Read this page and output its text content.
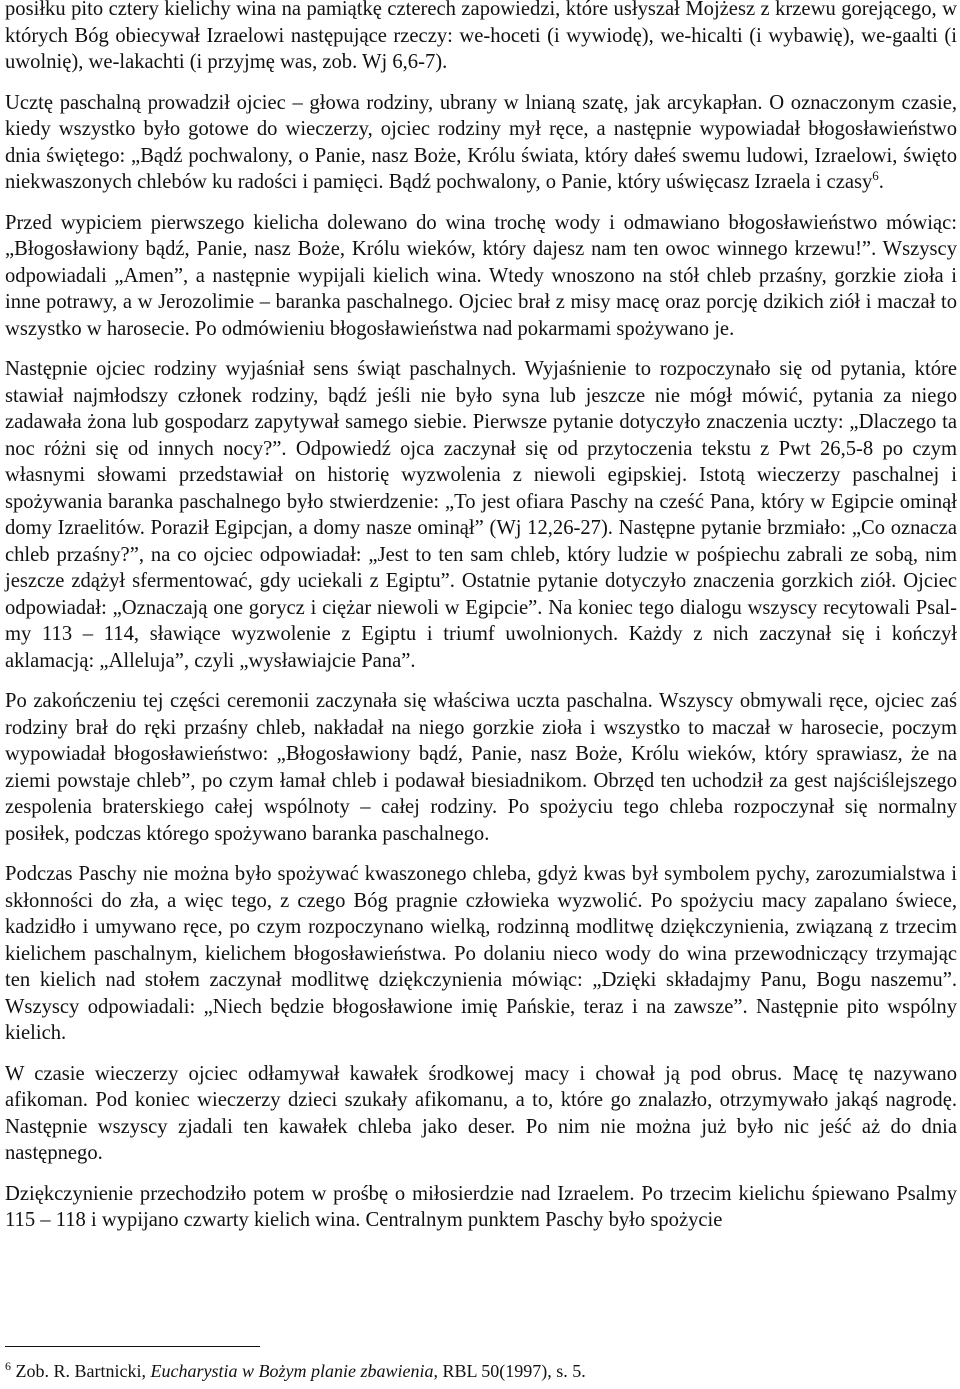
posiłku pito cztery kielichy wina na pamiątkę czterech zapowiedzi, które usłyszał Mojżesz z krzewu gorejącego, w których Bóg obiecywał Izraelowi następujące rzeczy: we-hoceti (i wywiodę), we-hicalti (i wybawię), we-gaalti (i uwolnię), we-lakachti (i przyjmę was, zob. Wj 6,6-7).

Ucztę paschalną prowadził ojciec – głowa rodziny, ubrany w lnianą szatę, jak arcykapłan. O oznaczonym czasie, kiedy wszystko było gotowe do wieczerzy, ojciec rodziny mył ręce, a następnie wypowiadał błogosławieństwo dnia świętego: „Bądź pochwalony, o Panie, nasz Boże, Królu świata, który dałeś swemu ludowi, Izraelowi, święto niekwaszonych chlebów ku radości i pamięci. Bądź pochwalony, o Panie, który uświęcasz Izraela i czasy$^6$.

Przed wypiciem pierwszego kielicha dolewano do wina trochę wody i odmawiano błogosławieństwo mówiąc: „Błogosławiony bądź, Panie, nasz Boże, Królu wieków, który dajesz nam ten owoc winnego krzewu!”. Wszyscy odpowiadali „Amen”, a następnie wypijali kielich wina. Wtedy wnoszono na stół chleb przaśny, gorzkie zioła i inne potrawy, a w Jerozolimie – baranka paschalnego. Ojciec brał z misy macę oraz porcję dzikich ziół i maczał to wszystko w harosecie. Po odmówieniu błogosławieństwa nad pokarmami spożywano je.

Następnie ojciec rodziny wyjaśniał sens świąt paschalnych. Wyjaśnienie to rozpoczynało się od pytania, które stawiał najmłodszy członek rodziny, bądź jeśli nie było syna lub jeszcze nie mógł mówić, pytania za niego zadawała żona lub gospodarz zapytywał samego siebie. Pierwsze pytanie dotyczyło znaczenia uczty: „Dlaczego ta noc różni się od innych nocy?”. Odpowiedź ojca zaczynał się od przytoczenia tekstu z Pwt 26,5-8 po czym własnymi słowami przedstawiał on historię wyzwolenia z niewoli egipskiej. Istotą wieczerzy paschalnej i spożywania baranka paschalnego było stwierdzenie: „To jest ofiara Paschy na cześć Pana, który w Egipcie ominął domy Izraelitów. Poraził Egipcjan, a domy nasze ominął” (Wj 12,26-27). Następne pytanie brzmiało: „Co oznacza chleb przaśny?”, na co ojciec odpowiadał: „Jest to ten sam chleb, który ludzie w pośpiechu zabrali ze sobą, nim jeszcze zdążył sfermentować, gdy uciekali z Egiptu”. Ostatnie pytanie dotyczyło znaczenia gorzkich ziół. Ojciec odpowiadał: „Oznaczają one gorycz i ciężar niewoli w Egipcie”. Na koniec tego dialogu wszyscy recytowali Psalmy 113 – 114, sławiące wyzwolenie z Egiptu i triumf uwolnionych. Każdy z nich zaczynał się i kończył aklamacją: „Alleluja”, czyli „wysławiajcie Pana”.

Po zakończeniu tej części ceremonii zaczynała się właściwa uczta paschalna. Wszyscy obmywali ręce, ojciec zaś rodziny brał do ręki przaśny chleb, nakładał na niego gorzkie zioła i wszystko to maczał w harosecie, poczym wypowiadał błogosławieństwo: „Błogosławiony bądź, Panie, nasz Boże, Królu wieków, który sprawiasz, że na ziemi powstaje chleb”, po czym łamał chleb i podawał biesiadnikom. Obrzęd ten uchodził za gest najściślejszego zespolenia braterskiego całej wspólnoty – całej rodziny. Po spożyciu tego chleba rozpoczynał się normalny posiłek, podczas którego spożywano baranka paschalnego.

Podczas Paschy nie można było spożywać kwaszonego chleba, gdyż kwas był symbolem pychy, zarozumialstwa i skłonności do zła, a więc tego, z czego Bóg pragnie człowieka wyzwolić. Po spożyciu macy zapalano świece, kadzidło i umywano ręce, po czym rozpoczynano wielką, rodzinną modlitwę dziękczynienia, związaną z trzecim kielichem paschalnym, kielichem błogosławieństwa. Po dolaniu nieco wody do wina przewodniczący trzymając ten kielich nad stołem zaczynał modlitwę dziękczynienia mówiąc: „Dzięki składajmy Panu, Bogu naszemu”. Wszyscy odpowiadali: „Niech będzie błogosławione imię Pańskie, teraz i na zawsze”. Następnie pito wspólny kielich.

W czasie wieczerzy ojciec odłamywał kawałek środkowej macy i chował ją pod obrus. Macę tę nazywano afikoman. Pod koniec wieczerzy dzieci szukały afikomanu, a to, które go znalazło, otrzymywało jakąś nagrodę. Następnie wszyscy zjadali ten kawałek chleba jako deser. Po nim nie można już było nic jeść aż do dnia następnego.

Dziękczynienie przechodziło potem w prośbę o miłosierdzie nad Izraelem. Po trzecim kielichu śpiewano Psalmy 115 – 118 i wypijano czwarty kielich wina. Centralnym punktem Paschy było spożycie

$^6$ Zob. R. Bartnicki, Eucharystia w Bożym planie zbawienia, RBL 50(1997), s. 5.
